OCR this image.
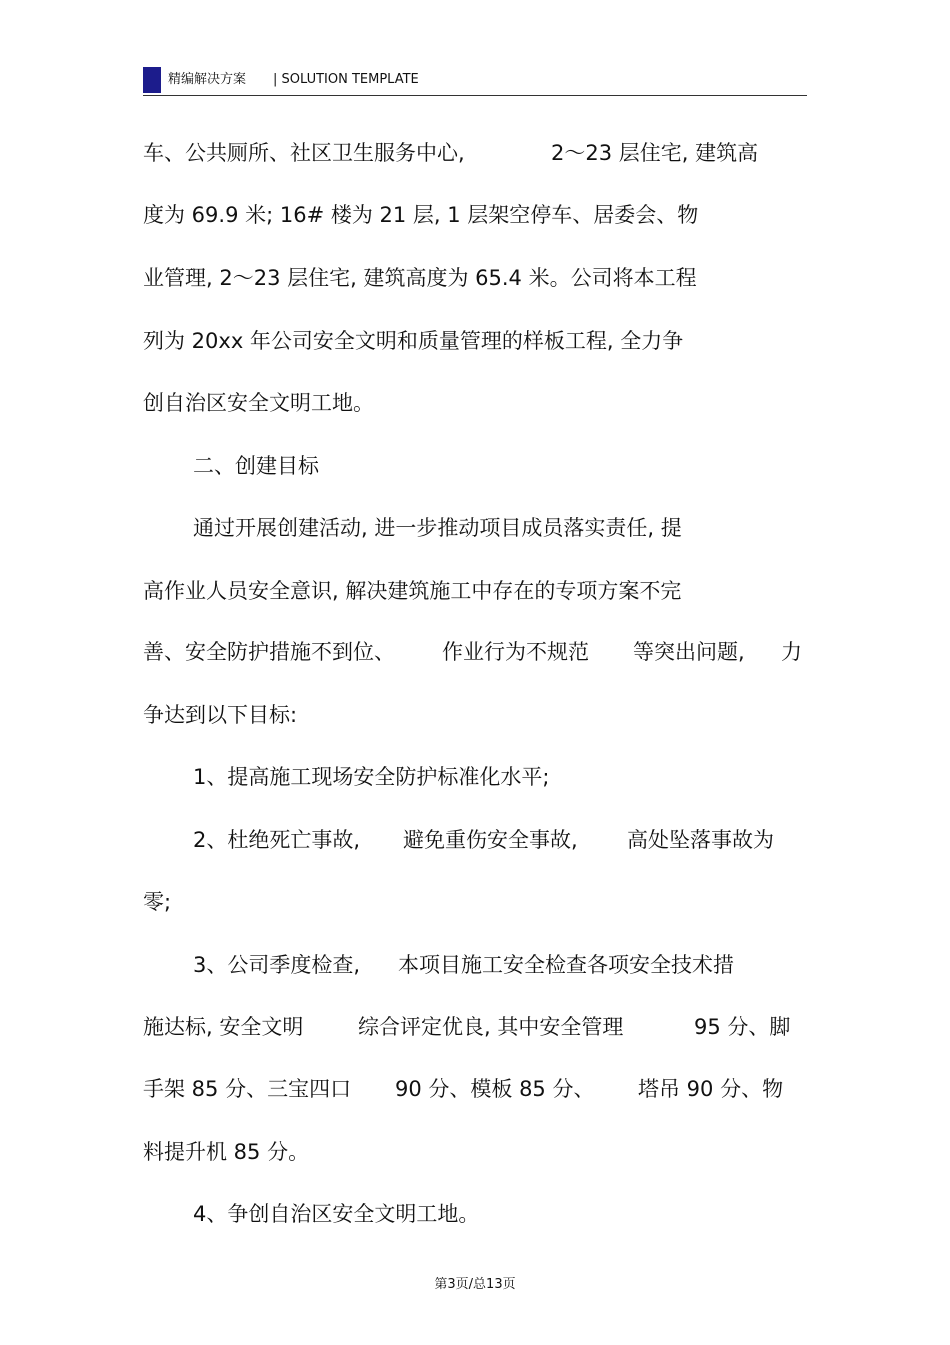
精编解决方案 | SOLUTION TEMPLATE
车、公共厕所、社区卫生服务中心,	2～23 层住宅, 建筑高
度为 69.9 米; 16# 楼为 21 层, 1 层架空停车、居委会、物
业管理, 2～23 层住宅, 建筑高度为 65.4 米。公司将本工程
列为 20xx 年公司安全文明和质量管理的样板工程, 全力争
创自治区安全文明工地。
二、创建目标
通过开展创建活动, 进一步推动项目成员落实责任, 提
高作业人员安全意识, 解决建筑施工中存在的专项方案不完
善、安全防护措施不到位、	作业行为不规范	等突出问题,	力
争达到以下目标:
1、提高施工现场安全防护标准化水平;
2、杜绝死亡事故,	避免重伤安全事故,	高处坠落事故为
零;
3、公司季度检查,	本项目施工安全检查各项安全技术措
施达标, 安全文明	综合评定优良, 其中安全管理	95 分、脚
手架 85 分、三宝四口	90 分、模板 85 分、	塔吊 90 分、物
料提升机 85 分。
4、争创自治区安全文明工地。
第3页/总13页
